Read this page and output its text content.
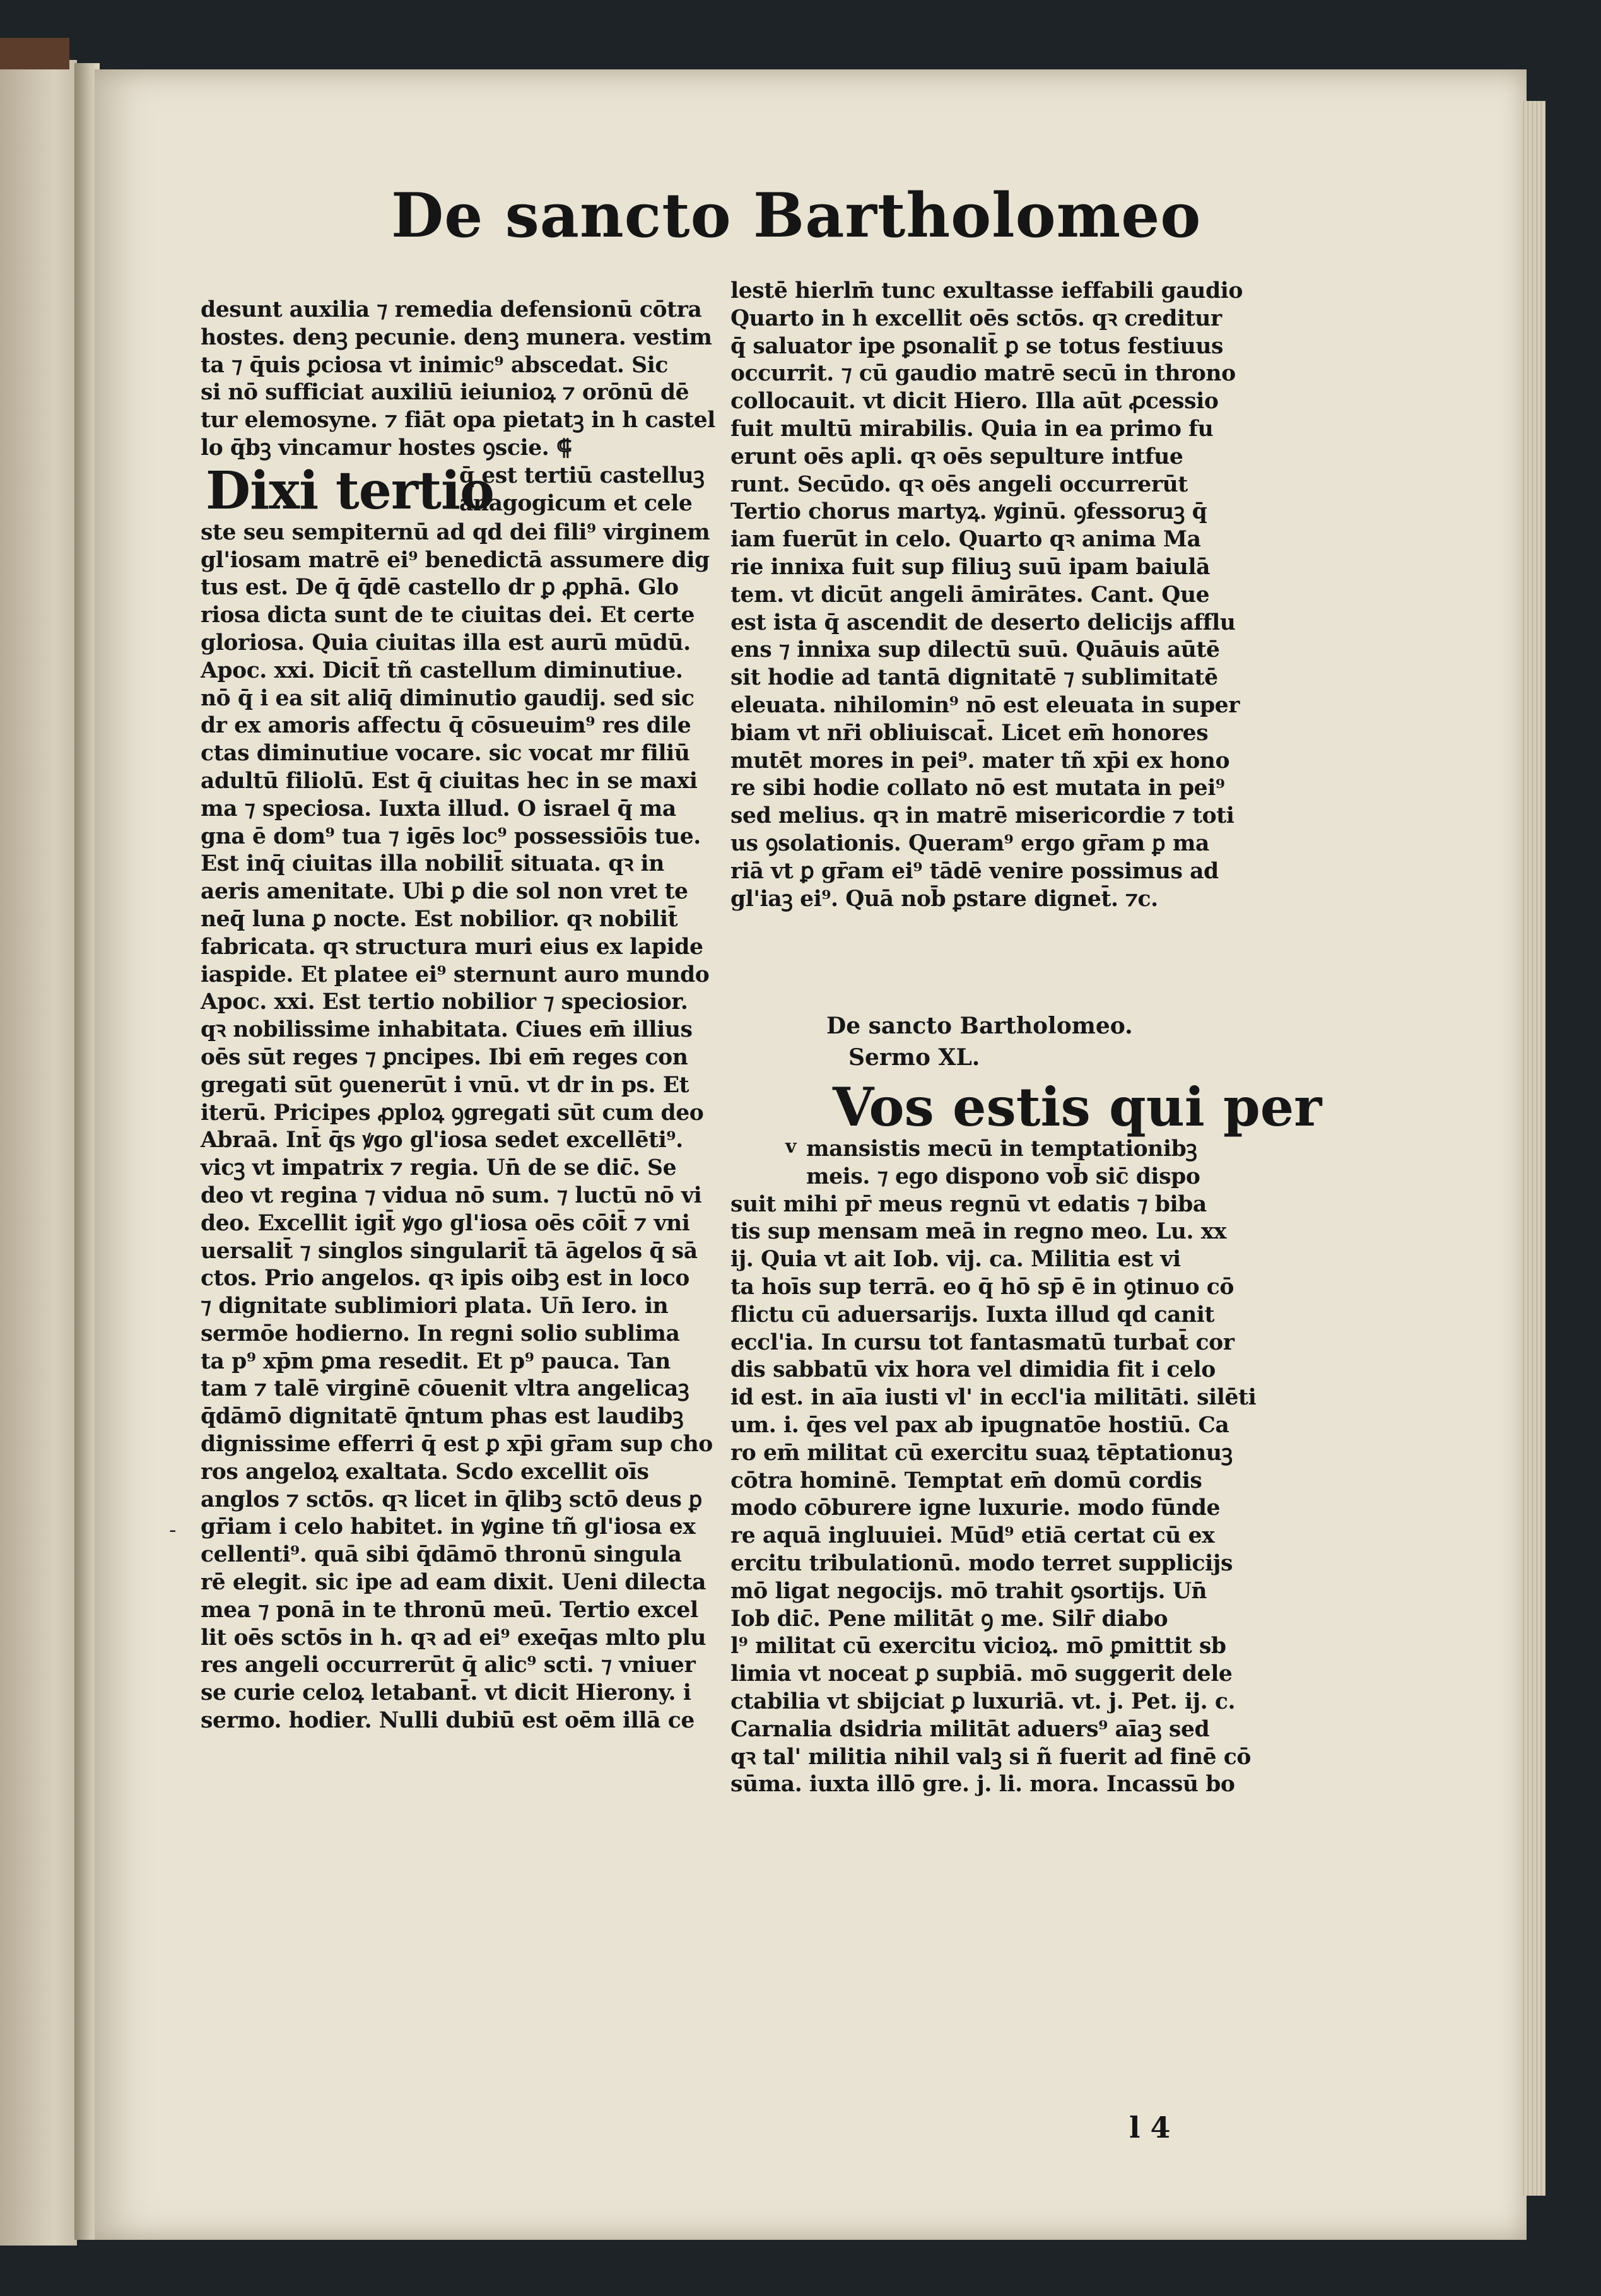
De sancto Bartholomeo
desunt auxilia ⁊ remedia defensionū cōtra
hostes. denꝫ pecunie. denꝫ munera. vestim
ta ⁊ q̄uis ꝑciosa vt inimic⁹ abscedat. Sic
si nō sufficiat auxiliū ieiunioꝝ ⁊ orōnū dē
tur elemosyne. ⁊ fiāt opa pietatꝫ in h castel
lo q̄bꝫ vincamur hostes ꝯscie. ⸿
Dixi tertio
q̄ est tertiū castelluꝫ
anagogicum et cele
ste seu sempiternū ad qd dei fili⁹ virginem
gl'iosam matrē ei⁹ benedictā assumere dig
tus est. De q̄ q̄dē castello dr ꝑ ꝓphā. Glo
riosa dicta sunt de te ciuitas dei. Et certe
gloriosa. Quia ciuitas illa est aurū mūdū.
Apoc. xxi. Dicit̄ tñ castellum diminutiue.
nō q̄ i ea sit aliq̄ diminutio gaudij. sed sic
dr ex amoris affectu q̄ cōsueuim⁹ res dile
ctas diminutiue vocare. sic vocat mr filiū
adultū filiolū. Est q̄ ciuitas hec in se maxi
ma ⁊ speciosa. Iuxta illud. O israel q̄ ma
gna ē dom⁹ tua ⁊ igēs loc⁹ possessiōis tue.
Est inq̄ ciuitas illa nobilit̄ situata. qꝛ in
aeris amenitate. Ubi ꝑ die sol non vret te
neq̄ luna ꝑ nocte. Est nobilior. qꝛ nobilit̄
fabricata. qꝛ structura muri eius ex lapide
iaspide. Et platee ei⁹ sternunt auro mundo
Apoc. xxi. Est tertio nobilior ⁊ speciosior.
qꝛ nobilissime inhabitata. Ciues em̄ illius
oēs sūt reges ⁊ ꝑncipes. Ibi em̄ reges con
gregati sūt ꝯuenerūt i vnū. vt dr in ps. Et
iterū. Pricipes ꝓploꝝ ꝯgregati sūt cum deo
Abraā. Int̄ q̄s ꝟgo gl'iosa sedet excellēti⁹.
vicꝫ vt impatrix ⁊ regia. Un̄ de se dic̄. Se
deo vt regina ⁊ vidua nō sum. ⁊ luctū nō vi
deo. Excellit igit̄ ꝟgo gl'iosa oēs cōit̄ ⁊ vni
uersalit̄ ⁊ singlos singularit̄ tā āgelos q̄ sā
ctos. Prio angelos. qꝛ ipis oibꝫ est in loco
⁊ dignitate sublimiori plata. Un̄ Iero. in
sermōe hodierno. In regni solio sublima
ta p⁹ xp̄m ꝑma resedit. Et p⁹ pauca. Tan
tam ⁊ talē virginē cōuenit vltra angelicaꝫ
q̄dāmō dignitatē q̄ntum phas est laudibꝫ
dignissime efferri q̄ est ꝑ xp̄i gr̄am sup cho
ros angeloꝝ exaltata. Scdo excellit oīs
anglos ⁊ sctōs. qꝛ licet in q̄libꝫ sctō deus ꝑ
gr̄iam i celo habitet. in ꝟgine tñ gl'iosa ex
cellenti⁹. quā sibi q̄dāmō thronū singula
rē elegit. sic ipe ad eam dixit. Ueni dilecta
mea ⁊ ponā in te thronū meū. Tertio excel
lit oēs sctōs in h. qꝛ ad ei⁹ exeq̄as mlto plu
res angeli occurrerūt q̄ alic⁹ scti. ⁊ vniuer
se curie celoꝝ letabant̄. vt dicit Hierony. i
sermo. hodier. Nulli dubiū est oēm illā ce
-
lestē hierlm̄ tunc exultasse ieffabili gaudio
Quarto in h excellit oēs sctōs. qꝛ creditur
q̄ saluator ipe ꝑsonalit̄ ꝑ se totus festiuus
occurrit. ⁊ cū gaudio matrē secū in throno
collocauit. vt dicit Hiero. Illa aūt ꝓcessio
fuit multū mirabilis. Quia in ea primo fu
erunt oēs apli. qꝛ oēs sepulture intfue
runt. Secūdo. qꝛ oēs angeli occurrerūt
Tertio chorus martyꝝ. ꝟginū. ꝯfessoruꝫ q̄
iam fuerūt in celo. Quarto qꝛ anima Ma
rie innixa fuit sup filiuꝫ suū ipam baiulā
tem. vt dicūt angeli āmirātes. Cant. Que
est ista q̄ ascendit de deserto delicijs afflu
ens ⁊ innixa sup dilectū suū. Quāuis aūtē
sit hodie ad tantā dignitatē ⁊ sublimitatē
eleuata. nihilomin⁹ nō est eleuata in super
biam vt nr̄i obliuiscat̄. Licet em̄ honores
mutēt mores in pei⁹. mater tñ xp̄i ex hono
re sibi hodie collato nō est mutata in pei⁹
sed melius. qꝛ in matrē misericordie ⁊ toti
us ꝯsolationis. Queram⁹ ergo gr̄am ꝑ ma
riā vt ꝑ gr̄am ei⁹ tādē venire possimus ad
gl'iaꝫ ei⁹. Quā nob̄ ꝑstare dignet̄. ⁊c.
De sancto Bartholomeo.
Sermo XL.
Vos estis qui per
v mansistis mecū in temptationibꝫ
meis. ⁊ ego dispono vob̄ sic̄ dispo
suit mihi pr̄ meus regnū vt edatis ⁊ biba
tis sup mensam meā in regno meo. Lu. xx
ij. Quia vt ait Iob. vij. ca. Militia est vi
ta hoīs sup terrā. eo q̄ hō sp̄ ē in ꝯtinuo cō
flictu cū aduersarijs. Iuxta illud qd canit
eccl'ia. In cursu tot fantasmatū turbat̄ cor
dis sabbatū vix hora vel dimidia fit i celo
id est. in aīa iusti vl' in eccl'ia militāti. silēti
um. i. q̄es vel pax ab ipugnatōe hostiū. Ca
ro em̄ militat cū exercitu suaꝝ tēptationuꝫ
cōtra hominē. Temptat em̄ domū cordis
modo cōburere igne luxurie. modo fūnde
re aquā ingluuiei. Mūd⁹ etiā certat cū ex
ercitu tribulationū. modo terret supplicijs
mō ligat negocijs. mō trahit ꝯsortijs. Un̄
Iob dic̄. Pene militāt ꝯ me. Silr̄ diabo
l⁹ militat cū exercitu vicioꝝ. mō ꝑmittit sb
limia vt noceat ꝑ supbiā. mō suggerit dele
ctabilia vt sbijciat ꝑ luxuriā. vt. j. Pet. ij. c.
Carnalia dsidria militāt aduers⁹ aīaꝫ sed
qꝛ tal' militia nihil valꝫ si ñ fuerit ad finē cō
sūma. iuxta illō gre. j. li. mora. Incassū bo
l 4
